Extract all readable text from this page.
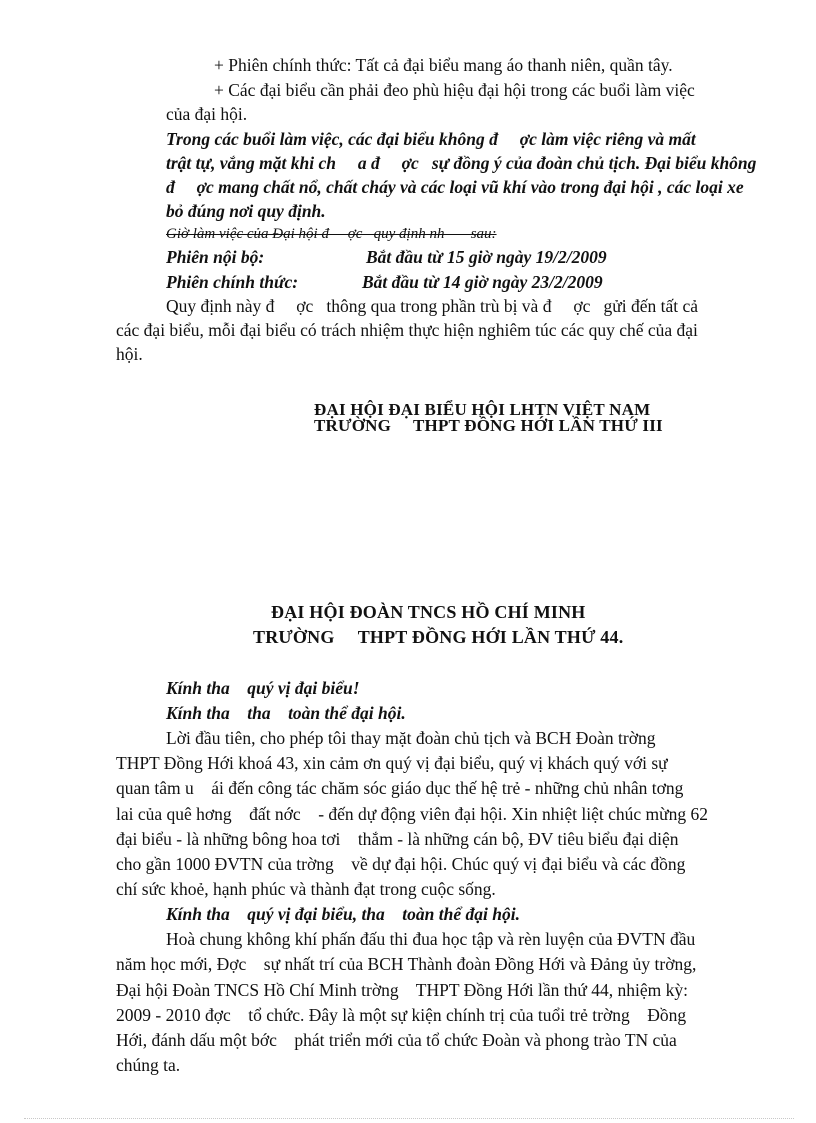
+ Phiên chính thức: Tất cả đại biểu mang áo thanh niên, quần tây.

+ Các đại biểu cần phải đeo phù hiệu đại hội trong các buổi làm việc

của đại hội.

Trong các buổi làm việc, các đại biểu không đ     ợc làm việc riêng và mất

trật tự, vắng mặt khi ch     a đ     ợc   sự đồng ý của đoàn chủ tịch. Đại biểu không

đ     ợc mang chất nổ, chất cháy và các loại vũ khí vào trong đại hội , các loại xe

bỏ đúng nơi quy định.

Giờ làm việc của Đại hội đ     ợc   quy định nh       sau:

Phiên nội bộ:	Bắt đầu từ 15 giờ ngày 19/2/2009

Phiên chính thức:	Bắt đầu từ 14 giờ ngày 23/2/2009

Quy định này đ     ợc   thông qua trong phần trù bị và đ     ợc   gửi đến tất cả

các đại biểu, mỗi đại biểu có trách nhiệm thực hiện nghiêm túc các quy chế của đại

hội.

ĐẠI HỘI ĐẠI BIỂU HỘI LHTN VIỆT NAM

TRƯỜNG     THPT ĐỒNG HỚI LẦN THỨ III

ĐẠI HỘI ĐOÀN TNCS HỒ CHÍ MINH

TRƯỜNG     THPT ĐỒNG HỚI LẦN THỨ 44.

Kính tha    quý vị đại biểu!

Kính tha    tha    toàn thể đại hội.

Lời đầu tiên, cho phép tôi thay mặt đoàn chủ tịch và BCH Đoàn trờng

THPT Đồng Hới khoá 43, xin cảm ơn quý vị đại biểu, quý vị khách quý với sự

quan tâm u    ái đến công tác chăm sóc giáo dục thế hệ trẻ - những chủ nhân tơng

lai của quê hơng    đất nớc    - đến dự động viên đại hội. Xin nhiệt liệt chúc mừng 62

đại biểu - là những bông hoa tơi    thắm - là những cán bộ, ĐV tiêu biểu đại diện

cho gần 1000 ĐVTN của trờng    về dự đại hội. Chúc quý vị đại biểu và các đồng

chí sức khoẻ, hạnh phúc và thành đạt trong cuộc sống.

Kính tha    quý vị đại biểu, tha    toàn thể đại hội.

Hoà chung không khí phấn đấu thi đua học tập và rèn luyện của ĐVTN đầu

năm học mới, Đợc    sự nhất trí của BCH Thành đoàn Đồng Hới và Đảng ủy trờng,

Đại hội Đoàn TNCS Hồ Chí Minh trờng    THPT Đồng Hới lần thứ 44, nhiệm kỳ:

2009 - 2010 đợc    tổ chức. Đây là một sự kiện chính trị của tuổi trẻ trờng    Đồng

Hới, đánh dấu một bớc    phát triển mới của tổ chức Đoàn và phong trào TN của

chúng ta.
